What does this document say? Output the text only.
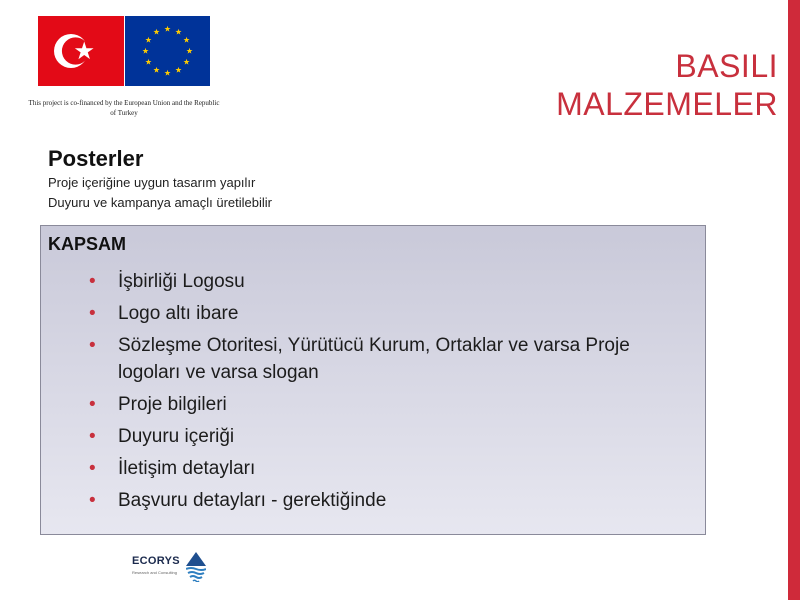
This project is co-financed by the European Union and the Republic of Turkey
BASILI
MALZEMELER
Posterler
Proje içeriğine uygun tasarım yapılır
Duyuru ve kampanya amaçlı üretilebilir
KAPSAM
• İşbirliği Logosu
• Logo altı ibare
• Sözleşme Otoritesi, Yürütücü Kurum, Ortaklar ve varsa Proje logoları ve varsa slogan
• Proje bilgileri
• Duyuru içeriği
• İletişim detayları
• Başvuru detayları - gerektiğinde
ECORYS
Research and Consulting
